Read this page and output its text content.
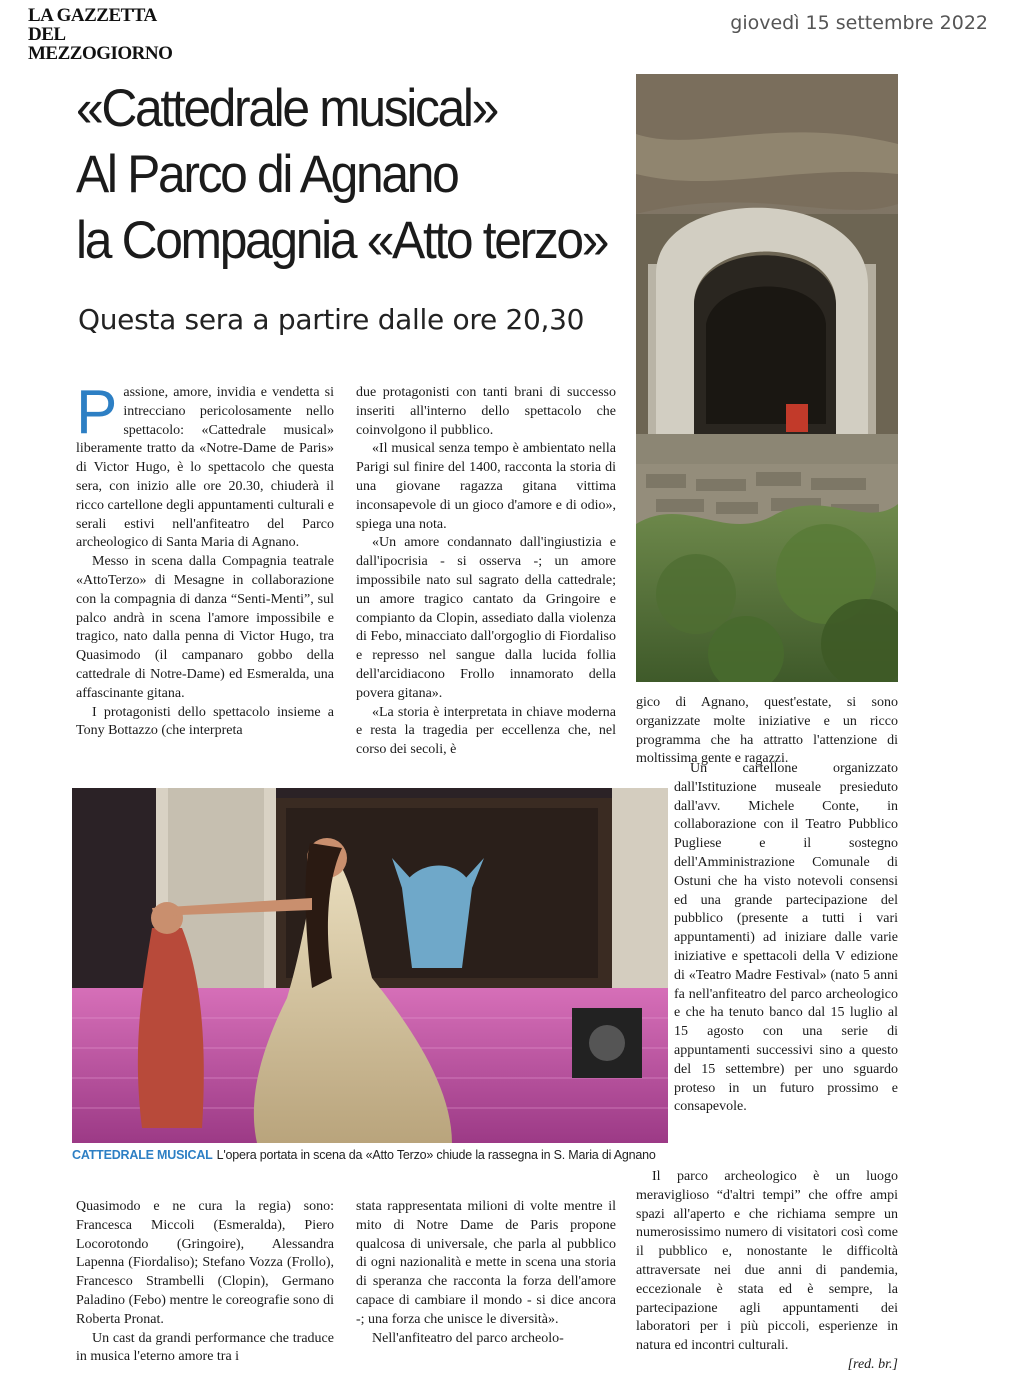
LA GAZZETTA
DEL MEZZOGIORNO
giovedì 15 settembre 2022
«Cattedrale musical»
Al Parco di Agnano
la Compagnia «Atto terzo»
Questa sera a partire dalle ore 20,30
P assione, amore, invidia e vendetta si intrecciano pericolosamente nello spettacolo: «Cattedrale musical» liberamente tratto da «Notre-Dame de Paris» di Victor Hugo, è lo spettacolo che questa sera, con inizio alle ore 20.30, chiuderà il ricco cartellone degli appuntamenti culturali e serali estivi nell'anfiteatro del Parco archeologico di Santa Maria di Agnano.

Messo in scena dalla Compagnia teatrale «AttoTerzo» di Mesagne in collaborazione con la compagnia di danza “Senti-Menti”, sul palco andrà in scena l'amore impossibile e tragico, nato dalla penna di Victor Hugo, tra Quasimodo (il campanaro gobbo della cattedrale di Notre-Dame) ed Esmeralda, una affascinante gitana.

I protagonisti dello spettacolo insieme a Tony Bottazzo (che interpreta

due protagonisti con tanti brani di successo inseriti all'interno dello spettacolo che coinvolgono il pubblico.

«Il musical senza tempo è ambientato nella Parigi sul finire del 1400, racconta la storia di una giovane ragazza gitana vittima inconsapevole di un gioco d'amore e di odio», spiega una nota.

«Un amore condannato dall'ingiustizia e dall'ipocrisia - si osserva -; un amore impossibile nato sul sagrato della cattedrale; un amore tragico cantato da Gringoire e compianto da Clopin, assediato dalla violenza di Febo, minacciato dall'orgoglio di Fiordaliso e represso nel sangue dalla lucida follia dell'arcidiacono Frollo innamorato della povera gitana».

«La storia è interpretata in chiave moderna e resta la tragedia per eccellenza che, nel corso dei secoli, è

gico di Agnano, quest'estate, si sono organizzate molte iniziative e un ricco programma che ha attratto l'attenzione di moltissima gente e ragazzi.

Un cartellone organizzato dall'Istituzione museale presieduto dall'avv. Michele Conte, in collaborazione con il Teatro Pubblico Pugliese e il sostegno dell'Amministrazione Comunale di Ostuni che ha visto notevoli consensi ed una grande partecipazione del pubblico (presente a tutti i vari appuntamenti) ad iniziare dalle varie iniziative e spettacoli della V edizione di «Teatro Madre Festival» (nato 5 anni fa nell'anfiteatro del parco archeologico e che ha tenuto banco dal 15 luglio al 15 agosto con una serie di appuntamenti successivi sino a questo del 15 settembre) per uno sguardo proteso in un futuro prossimo e consapevole.

Il parco archeologico è un luogo meraviglioso “d'altri tempi” che offre ampi spazi all'aperto e che richiama sempre un numerosissimo numero di visitatori così come il pubblico e, nonostante le difficoltà attraversate nei due anni di pandemia, eccezionale è stata ed è sempre, la partecipazione agli appuntamenti dei laboratori per i più piccoli, esperienze in natura ed incontri culturali.

[red. br.]

CATTEDRALE MUSICAL L'opera portata in scena da «Atto Terzo» chiude la rassegna in S. Maria di Agnano

Quasimodo e ne cura la regia) sono: Francesca Miccoli (Esmeralda), Piero Locorotondo (Gringoire), Alessandra Lapenna (Fiordaliso); Stefano Vozza (Frollo), Francesco Strambelli (Clopin), Germano Paladino (Febo) mentre le coreografie sono di Roberta Pronat.

Un cast da grandi performance che traduce in musica l'eterno amore tra i

stata rappresentata milioni di volte mentre il mito di Notre Dame de Paris propone qualcosa di universale, che parla al pubblico di ogni nazionalità e mette in scena una storia di speranza che racconta la forza dell'amore capace di cambiare il mondo - si dice ancora -; una forza che unisce le diversità».

Nell'anfiteatro del parco archeolo-
